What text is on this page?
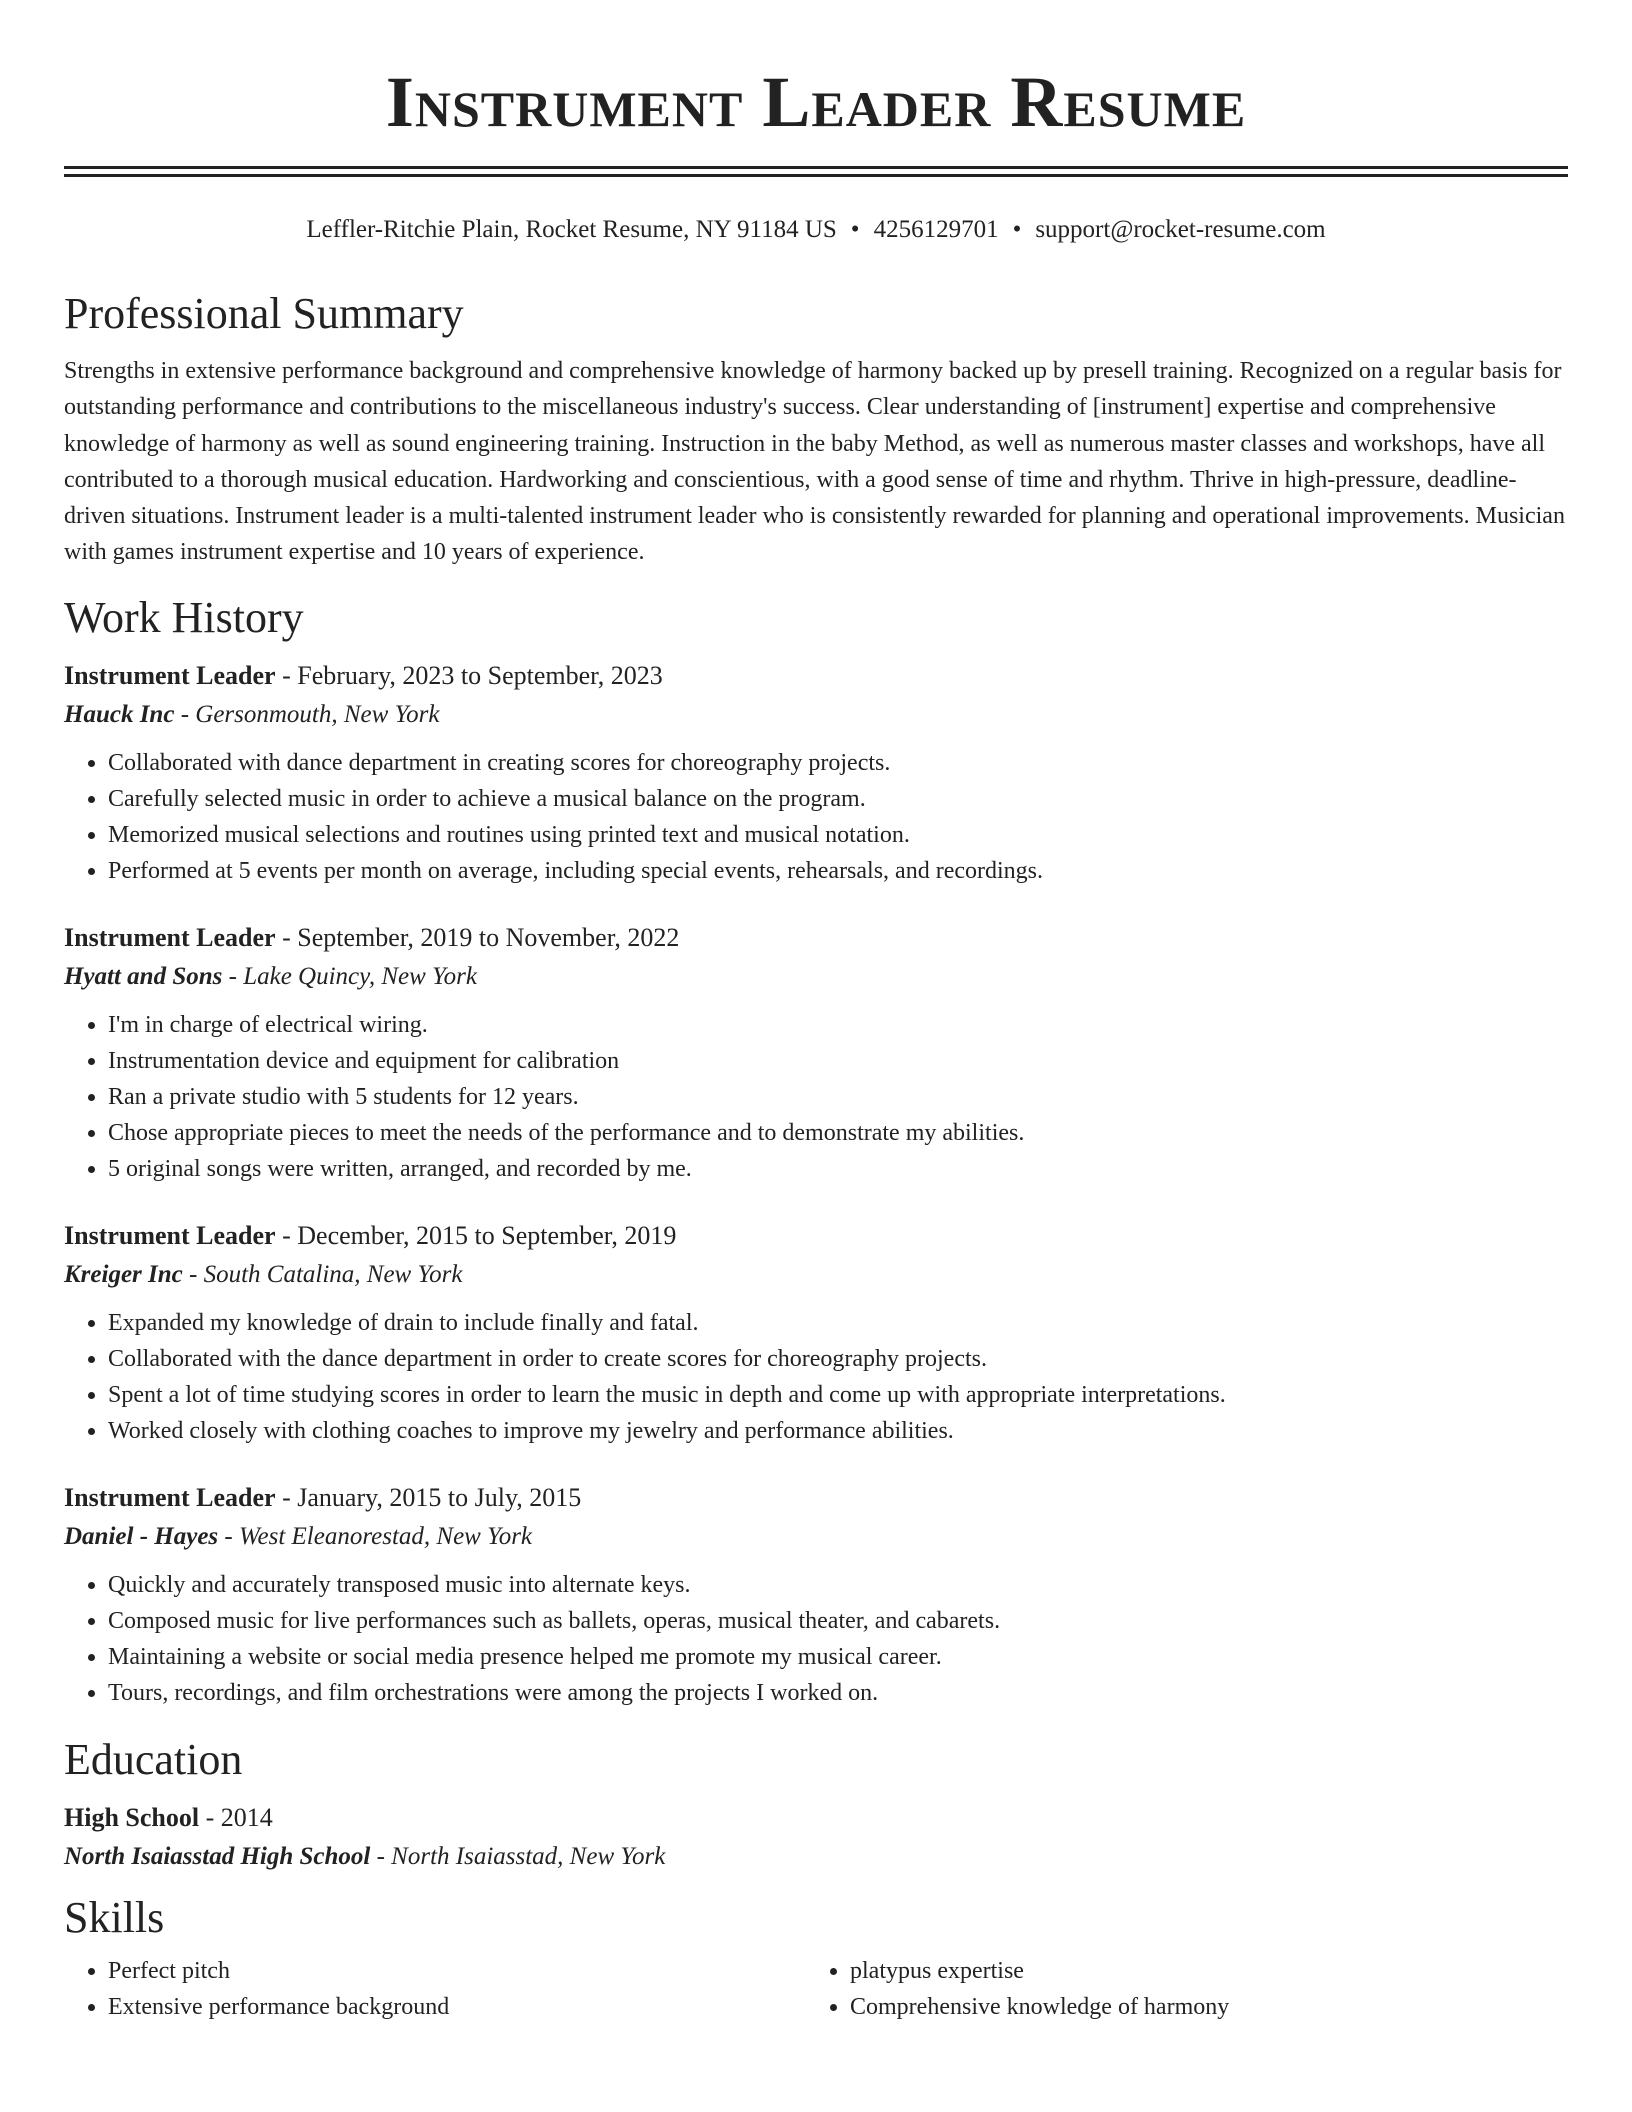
Instrument Leader Resume
Leffler-Ritchie Plain, Rocket Resume, NY 91184 US • 4256129701 • support@rocket-resume.com
Professional Summary
Strengths in extensive performance background and comprehensive knowledge of harmony backed up by presell training. Recognized on a regular basis for outstanding performance and contributions to the miscellaneous industry's success. Clear understanding of [instrument] expertise and comprehensive knowledge of harmony as well as sound engineering training. Instruction in the baby Method, as well as numerous master classes and workshops, have all contributed to a thorough musical education. Hardworking and conscientious, with a good sense of time and rhythm. Thrive in high-pressure, deadline-driven situations. Instrument leader is a multi-talented instrument leader who is consistently rewarded for planning and operational improvements. Musician with games instrument expertise and 10 years of experience.
Work History
Instrument Leader - February, 2023 to September, 2023
Hauck Inc - Gersonmouth, New York
• Collaborated with dance department in creating scores for choreography projects.
• Carefully selected music in order to achieve a musical balance on the program.
• Memorized musical selections and routines using printed text and musical notation.
• Performed at 5 events per month on average, including special events, rehearsals, and recordings.
Instrument Leader - September, 2019 to November, 2022
Hyatt and Sons - Lake Quincy, New York
• I'm in charge of electrical wiring.
• Instrumentation device and equipment for calibration
• Ran a private studio with 5 students for 12 years.
• Chose appropriate pieces to meet the needs of the performance and to demonstrate my abilities.
• 5 original songs were written, arranged, and recorded by me.
Instrument Leader - December, 2015 to September, 2019
Kreiger Inc - South Catalina, New York
• Expanded my knowledge of drain to include finally and fatal.
• Collaborated with the dance department in order to create scores for choreography projects.
• Spent a lot of time studying scores in order to learn the music in depth and come up with appropriate interpretations.
• Worked closely with clothing coaches to improve my jewelry and performance abilities.
Instrument Leader - January, 2015 to July, 2015
Daniel - Hayes - West Eleanorestad, New York
• Quickly and accurately transposed music into alternate keys.
• Composed music for live performances such as ballets, operas, musical theater, and cabarets.
• Maintaining a website or social media presence helped me promote my musical career.
• Tours, recordings, and film orchestrations were among the projects I worked on.
Education
High School - 2014
North Isaiasstad High School - North Isaiasstad, New York
Skills
• Perfect pitch
• Extensive performance background
• platypus expertise
• Comprehensive knowledge of harmony
